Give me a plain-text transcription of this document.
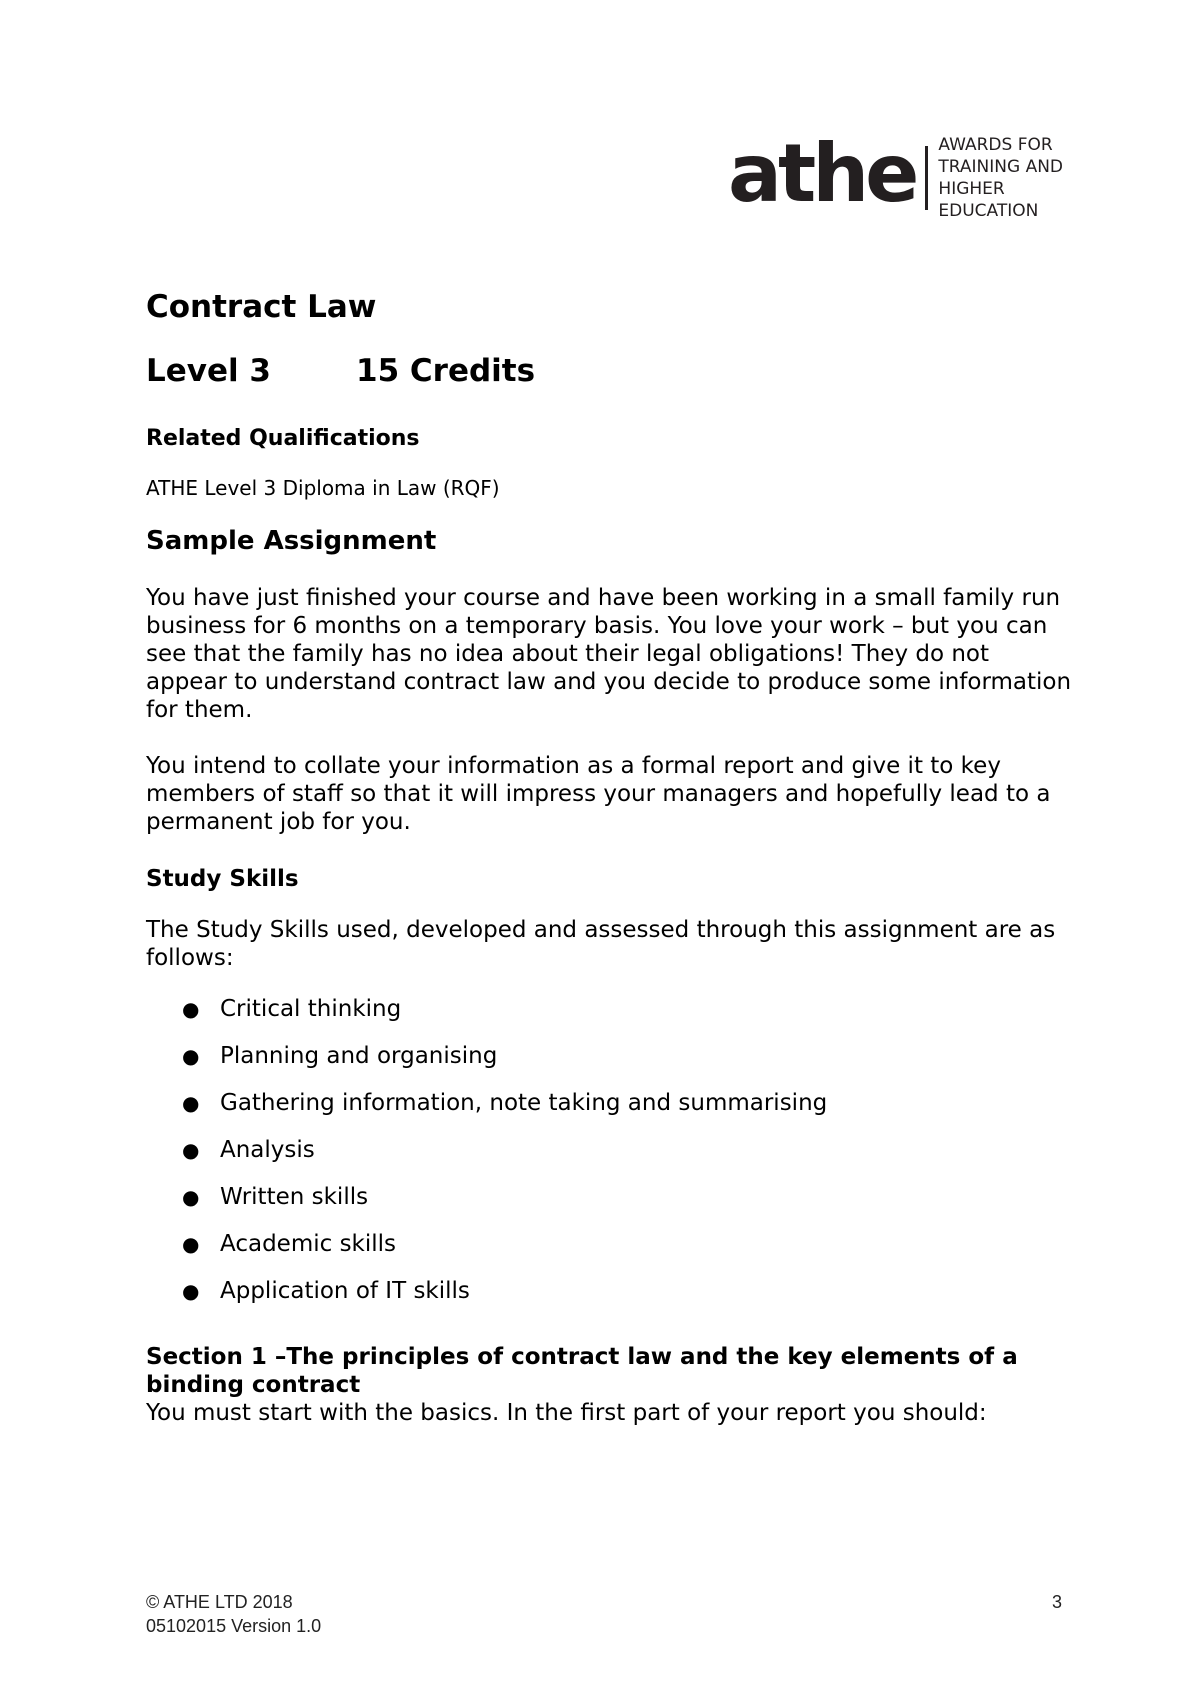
athe AWARDS FOR
TRAINING AND
HIGHER EDUCATION
Contract Law
Level 3	15 Credits
Related Qualifications

ATHE Level 3 Diploma in Law (RQF)

Sample Assignment

You have just finished your course and have been working in a small family run business for 6 months on a temporary basis. You love your work – but you can see that the family has no idea about their legal obligations! They do not appear to understand contract law and you decide to produce some information for them.

You intend to collate your information as a formal report and give it to key members of staff so that it will impress your managers and hopefully lead to a permanent job for you.

Study Skills

The Study Skills used, developed and assessed through this assignment are as follows:

● Critical thinking
● Planning and organising
● Gathering information, note taking and summarising
● Analysis
● Written skills
● Academic skills
● Application of IT skills
Section 1 –The principles of contract law and the key elements of a binding contract

You must start with the basics. In the first part of your report you should:

© ATHE LTD 2018	3
05102015 Version 1.0
